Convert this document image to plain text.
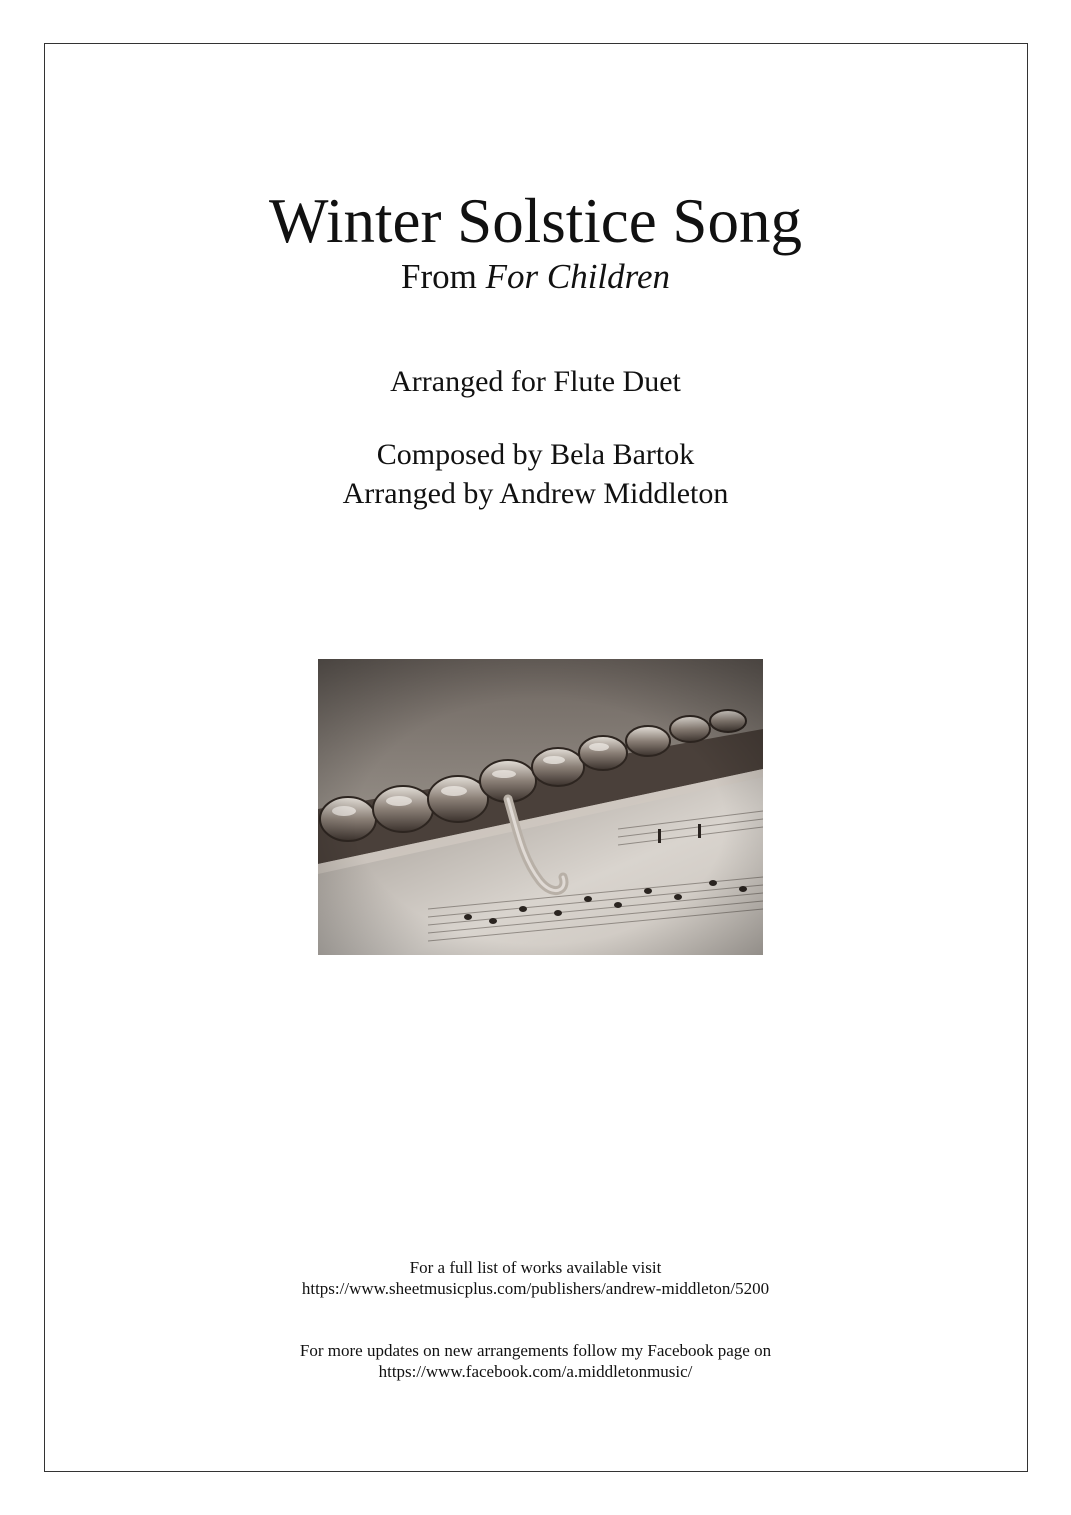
Winter Solstice Song
From For Children
Arranged for Flute Duet
Composed by Bela Bartok
Arranged by Andrew Middleton
For a full list of works available visit
https://www.sheetmusicplus.com/publishers/andrew-middleton/5200
For more updates on new arrangements follow my Facebook page on
https://www.facebook.com/a.middletonmusic/
